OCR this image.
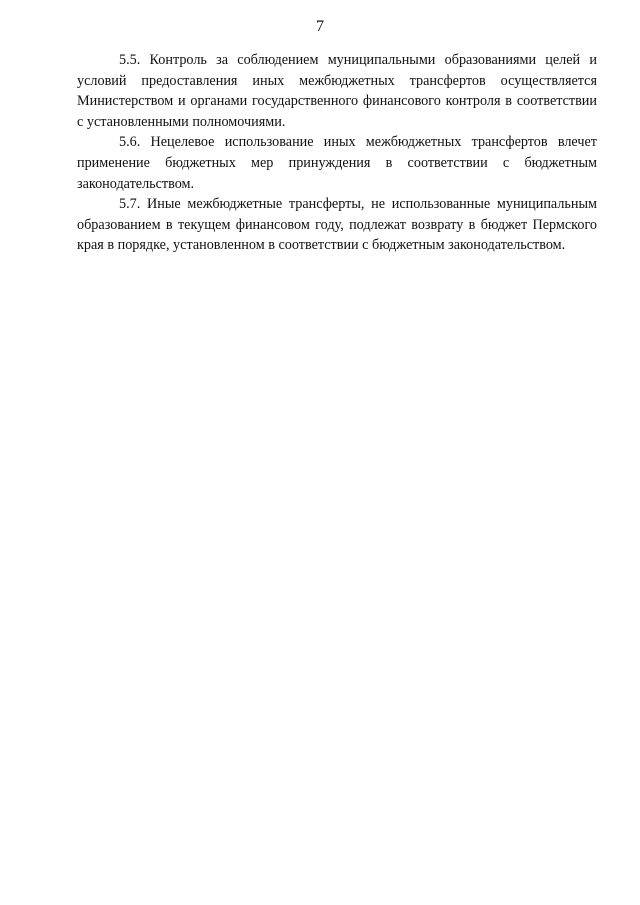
7

5.5. Контроль за соблюдением муниципальными образованиями целей и условий предоставления иных межбюджетных трансфертов осуществляется Министерством и органами государственного финансового контроля в соответствии с установленными полномочиями.

5.6. Нецелевое использование иных межбюджетных трансфертов влечет применение бюджетных мер принуждения в соответствии с бюджетным законодательством.

5.7. Иные межбюджетные трансферты, не использованные муниципальным образованием в текущем финансовом году, подлежат возврату в бюджет Пермского края в порядке, установленном в соответствии с бюджетным законодательством.
